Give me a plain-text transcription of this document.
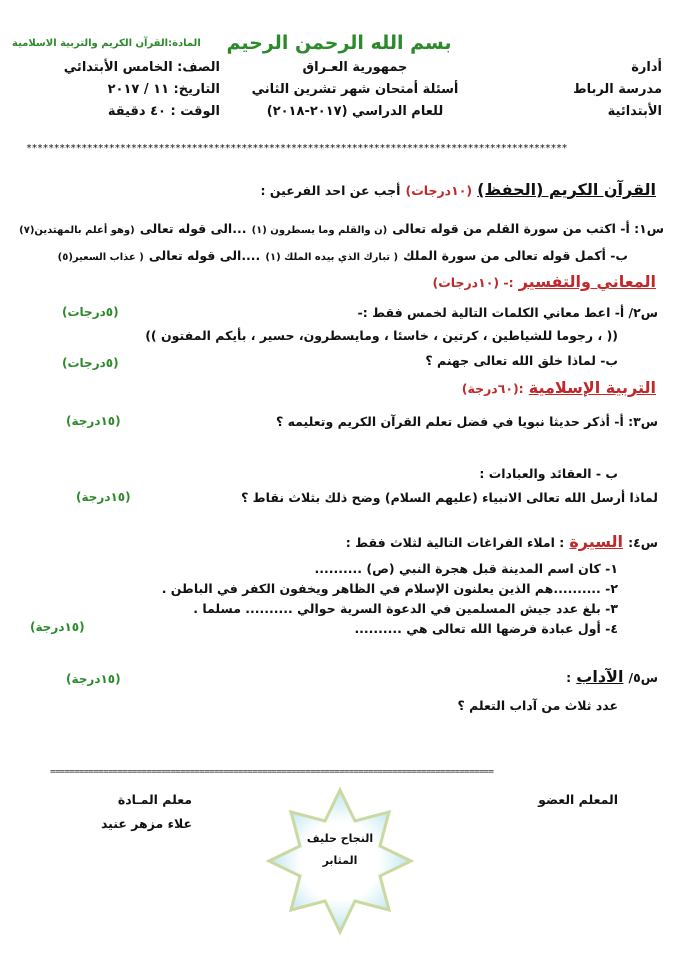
بسم الله الرحمن الرحيم
المادة:القرآن الكريم والتربية الاسلامية
أدارة
مدرسة الرباط
الأبتدائية
جمهورية العـراق
أسئلة أمتحان شهر تشرين الثاني
للعام الدراسي (٢٠١٧-٢٠١٨)
الصف: الخامس الأبتدائي
التاريخ: ١١ / ٢٠١٧
الوقت : ٤٠ دقيقة
**************************************************************************************************
القرآن الكريم (الحفظ) (١٠درجات) أجب عن احد الفرعين :
س١: أ- اكتب من سورة القلم من قوله تعالى (ن والقلم وما يسطرون (١) ...الى قوله تعالى (وهو أعلم بالمهتدين(٧)
ب- أكمل قوله تعالى من سورة الملك ( تبارك الذي بيده الملك (١) ....الى قوله تعالى ( عذاب السعير(٥)
المعاني والتفسير :- (١٠درجات)
س٢/ أ- اعط معاني الكلمات التالية لخمس فقط :-
(٥درجات)
(( ، رجوما للشياطين ، كرتين ، خاسئا ، ومايسطرون، حسير ، بأيكم المفتون ))
ب- لماذا خلق الله تعالى جهنم ؟
(٥درجات)
التربية الإسلامية :(٦٠درجة)
س٣: أ- أذكر حديثا نبويا في فضل تعلم القرآن الكريم وتعليمه ؟
(١٥درجة)
ب - العقائد والعبادات :
لماذا أرسل الله تعالى الانبياء (عليهم السلام) وضح ذلك بثلاث نقاط ؟
(١٥درجة)
س٤: السيرة : املاء الفراغات التالية لثلاث فقط :
١- كان اسم المدينة قبل هجرة النبي (ص) ..........
٢- ..........هم الذين يعلنون الإسلام في الظاهر ويخفون الكفر في الباطن .
٣- بلغ عدد جيش المسلمين في الدعوة السرية حوالي .......... مسلما .
٤- أول عبادة فرضها الله تعالى هي ..........
(١٥درجة)
س٥/ الآداب :
(١٥درجة)
عدد ثلاث من آداب التعلم ؟
============================================================================================
المعلم العضو
معلم المـادة
علاء مزهر عنيد
النجاح حليف
المثابر
